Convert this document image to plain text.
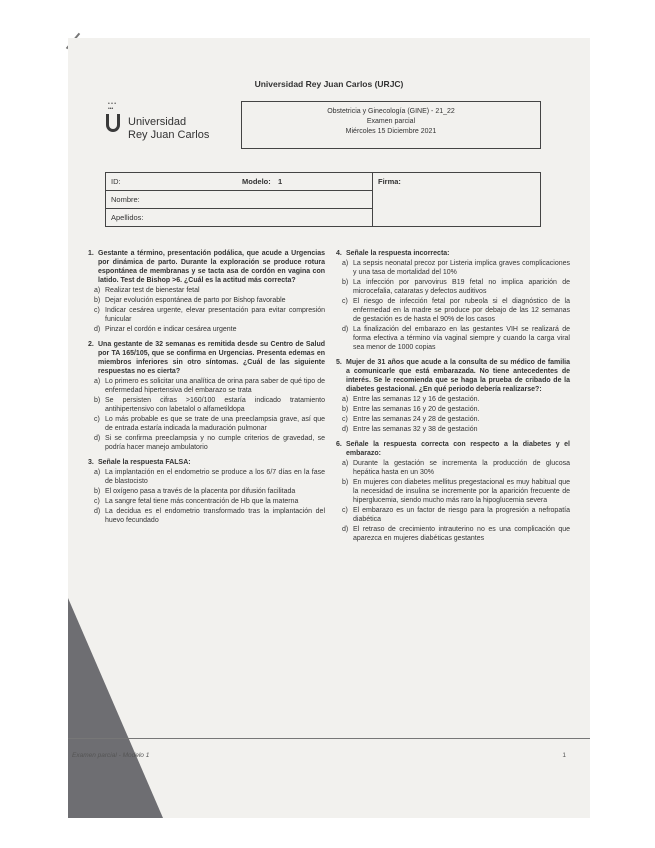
Universidad Rey Juan Carlos (URJC)
• • •
•••
Universidad
Rey Juan Carlos
Obstetricia y Ginecología (GINE) - 21_22
Examen parcial
Miércoles 15 Diciembre 2021
ID:	Modelo: 1
Nombre:
Apellidos:
Firma:
1. Gestante a término, presentación podálica, que acude a Urgencias por dinámica de parto. Durante la exploración se produce rotura espontánea de membranas y se tacta asa de cordón en vagina con latido. Test de Bishop >6. ¿Cuál es la actitud más correcta?
a) Realizar test de bienestar fetal
b) Dejar evolución espontánea de parto por Bishop favorable
c) Indicar cesárea urgente, elevar presentación para evitar compresión funicular
d) Pinzar el cordón e indicar cesárea urgente
2. Una gestante de 32 semanas es remitida desde su Centro de Salud por TA 165/105, que se confirma en Urgencias. Presenta edemas en miembros inferiores sin otro síntomas. ¿Cuál de las siguiente respuestas no es cierta?
a) Lo primero es solicitar una analítica de orina para saber de qué tipo de enfermedad hipertensiva del embarazo se trata
b) Se persisten cifras >160/100 estaría indicado tratamiento antihipertensivo con labetalol o alfametildopa
c) Lo más probable es que se trate de una preeclampsia grave, así que de entrada estaría indicada la maduración pulmonar
d) Si se confirma preeclampsia y no cumple criterios de gravedad, se podría hacer manejo ambulatorio
3. Señale la respuesta FALSA:
a) La implantación en el endometrio se produce a los 6/7 días en la fase de blastocisto
b) El oxígeno pasa a través de la placenta por difusión facilitada
c) La sangre fetal tiene más concentración de Hb que la materna
d) La decidua es el endometrio transformado tras la implantación del huevo fecundado
4. Señale la respuesta incorrecta:
a) La sepsis neonatal precoz por Listeria implica graves complicaciones y una tasa de mortalidad del 10%
b) La infección por parvovirus B19 fetal no implica aparición de microcefalia, cataratas y defectos auditivos
c) El riesgo de infección fetal por rubeola si el diagnóstico de la enfermedad en la madre se produce por debajo de las 12 semanas de gestación es de hasta el 90% de los casos
d) La finalización del embarazo en las gestantes VIH se realizará de forma efectiva a término vía vaginal siempre y cuando la carga viral sea menor de 1000 copias
5. Mujer de 31 años que acude a la consulta de su médico de familia a comunicarle que está embarazada. No tiene antecedentes de interés. Se le recomienda que se haga la prueba de cribado de la diabetes gestacional. ¿En qué periodo debería realizarse?:
a) Entre las semanas 12 y 16 de gestación.
b) Entre las semanas 16 y 20 de gestación.
c) Entre las semanas 24 y 28 de gestación.
d) Entre las semanas 32 y 38 de gestación
6. Señale la respuesta correcta con respecto a la diabetes y el embarazo:
a) Durante la gestación se incrementa la producción de glucosa hepática hasta en un 30%
b) En mujeres con diabetes mellitus pregestacional es muy habitual que la necesidad de insulina se incremente por la aparición frecuente de hiperglucemia, siendo mucho más raro la hipoglucemia severa
c) El embarazo es un factor de riesgo para la progresión a nefropatía diabética
d) El retraso de crecimiento intrauterino no es una complicación que aparezca en mujeres diabéticas gestantes
Examen parcial - Modelo 1	1
